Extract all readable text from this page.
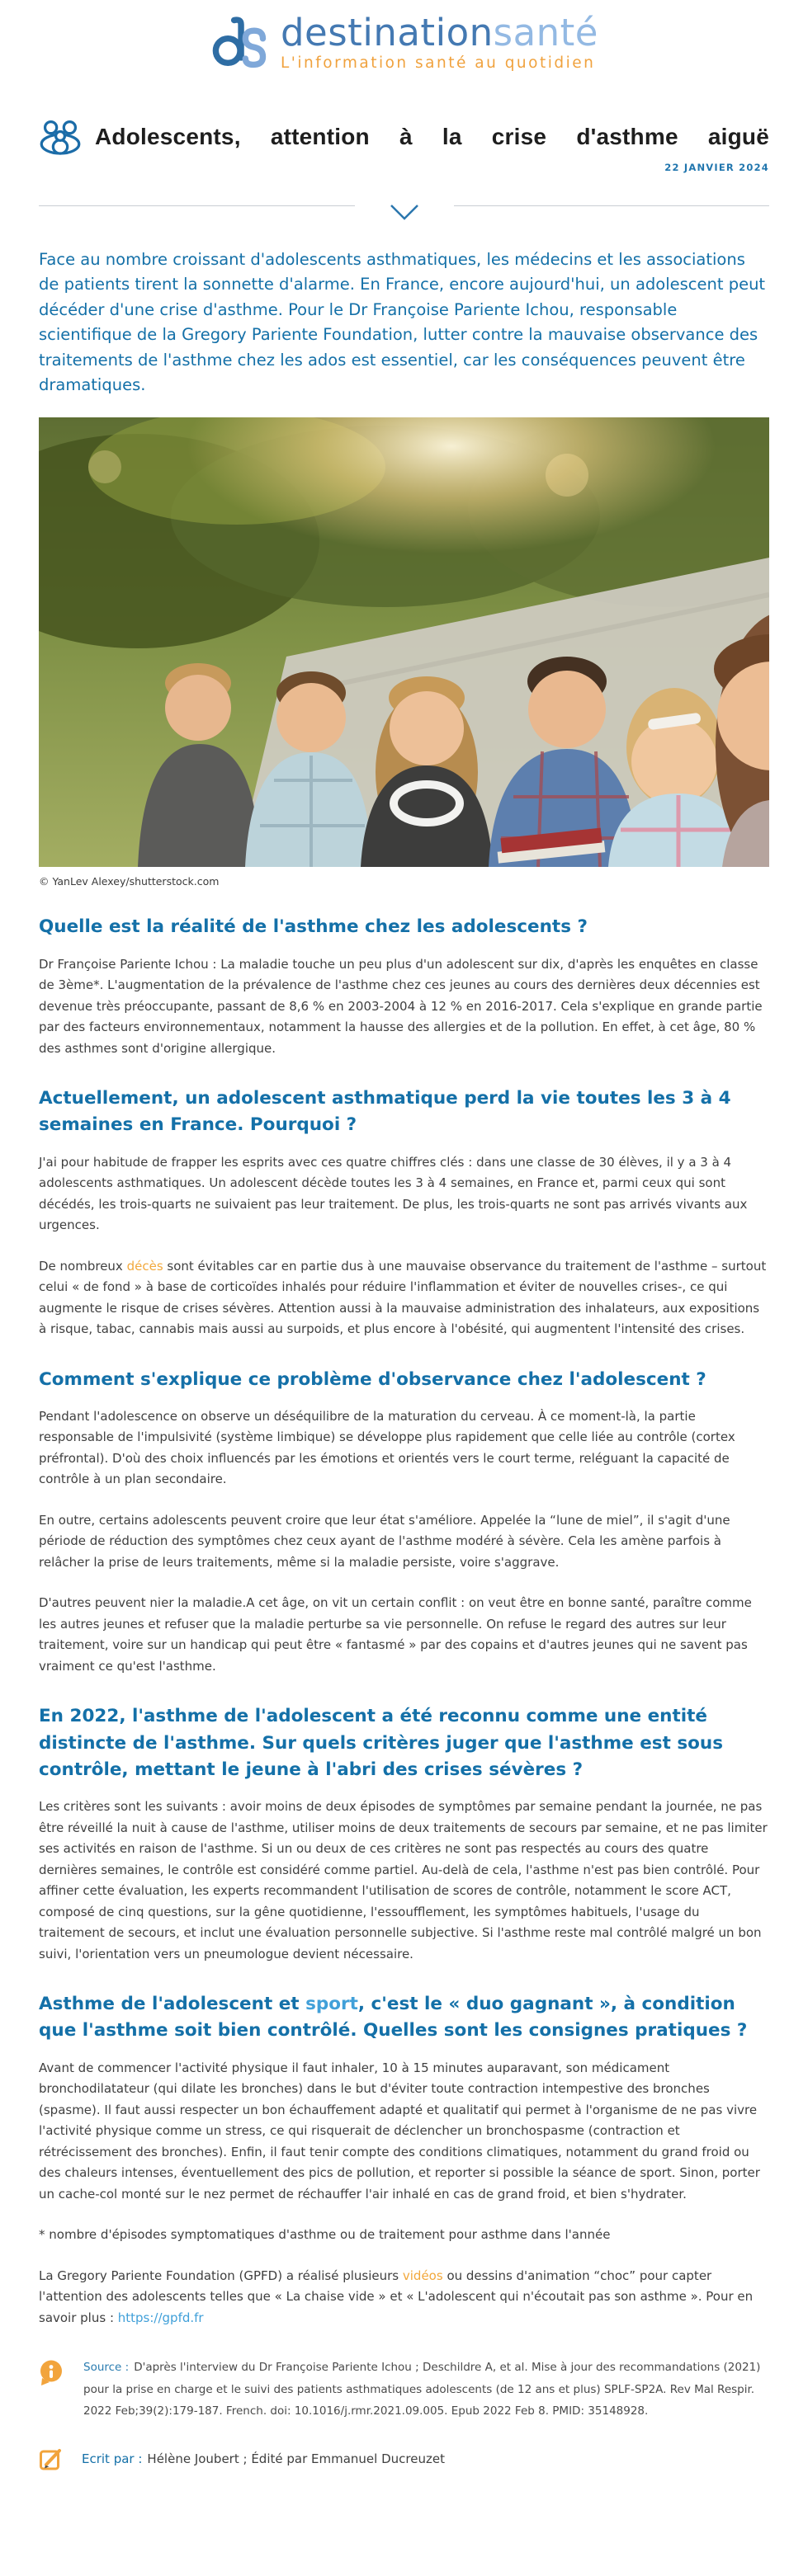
destinationsanté
L'information santé au quotidien
Adolescents, attention à la crise d'asthme aiguë
22 JANVIER 2024

Face au nombre croissant d'adolescents asthmatiques, les médecins et les associations de patients tirent la sonnette d'alarme. En France, encore aujourd'hui, un adolescent peut décéder d'une crise d'asthme. Pour le Dr Françoise Pariente Ichou, responsable scientifique de la Gregory Pariente Foundation, lutter contre la mauvaise observance des traitements de l'asthme chez les ados est essentiel, car les conséquences peuvent être dramatiques.

© YanLev Alexey/shutterstock.com

Quelle est la réalité de l'asthme chez les adolescents ?

Dr Françoise Pariente Ichou : La maladie touche un peu plus d'un adolescent sur dix, d'après les enquêtes en classe de 3ème*. L'augmentation de la prévalence de l'asthme chez ces jeunes au cours des dernières deux décennies est devenue très préoccupante, passant de 8,6 % en 2003-2004 à 12 % en 2016-2017. Cela s'explique en grande partie par des facteurs environnementaux, notamment la hausse des allergies et de la pollution. En effet, à cet âge, 80 % des asthmes sont d'origine allergique.

Actuellement, un adolescent asthmatique perd la vie toutes les 3 à 4 semaines en France. Pourquoi ?

J'ai pour habitude de frapper les esprits avec ces quatre chiffres clés : dans une classe de 30 élèves, il y a 3 à 4 adolescents asthmatiques. Un adolescent décède toutes les 3 à 4 semaines, en France et, parmi ceux qui sont décédés, les trois-quarts ne suivaient pas leur traitement. De plus, les trois-quarts ne sont pas arrivés vivants aux urgences.

De nombreux décès sont évitables car en partie dus à une mauvaise observance du traitement de l'asthme – surtout celui « de fond » à base de corticoïdes inhalés pour réduire l'inflammation et éviter de nouvelles crises-, ce qui augmente le risque de crises sévères. Attention aussi à la mauvaise administration des inhalateurs, aux expositions à risque, tabac, cannabis mais aussi au surpoids, et plus encore à l'obésité, qui augmentent l'intensité des crises.

Comment s'explique ce problème d'observance chez l'adolescent ?

Pendant l'adolescence on observe un déséquilibre de la maturation du cerveau. À ce moment-là, la partie responsable de l'impulsivité (système limbique) se développe plus rapidement que celle liée au contrôle (cortex préfrontal). D'où des choix influencés par les émotions et orientés vers le court terme, reléguant la capacité de contrôle à un plan secondaire.

En outre, certains adolescents peuvent croire que leur état s'améliore. Appelée la “lune de miel”, il s'agit d'une période de réduction des symptômes chez ceux ayant de l'asthme modéré à sévère. Cela les amène parfois à relâcher la prise de leurs traitements, même si la maladie persiste, voire s'aggrave.

D'autres peuvent nier la maladie.A cet âge, on vit un certain conflit : on veut être en bonne santé, paraître comme les autres jeunes et refuser que la maladie perturbe sa vie personnelle. On refuse le regard des autres sur leur traitement, voire sur un handicap qui peut être « fantasmé » par des copains et d'autres jeunes qui ne savent pas vraiment ce qu'est l'asthme.

En 2022, l'asthme de l'adolescent a été reconnu comme une entité distincte de l'asthme. Sur quels critères juger que l'asthme est sous contrôle, mettant le jeune à l'abri des crises sévères ?

Les critères sont les suivants : avoir moins de deux épisodes de symptômes par semaine pendant la journée, ne pas être réveillé la nuit à cause de l'asthme, utiliser moins de deux traitements de secours par semaine, et ne pas limiter ses activités en raison de l'asthme. Si un ou deux de ces critères ne sont pas respectés au cours des quatre dernières semaines, le contrôle est considéré comme partiel. Au-delà de cela, l'asthme n'est pas bien contrôlé. Pour affiner cette évaluation, les experts recommandent l'utilisation de scores de contrôle, notamment le score ACT, composé de cinq questions, sur la gêne quotidienne, l'essoufflement, les symptômes habituels, l'usage du traitement de secours, et inclut une évaluation personnelle subjective. Si l'asthme reste mal contrôlé malgré un bon suivi, l'orientation vers un pneumologue devient nécessaire.

Asthme de l'adolescent et sport, c'est le « duo gagnant », à condition que l'asthme soit bien contrôlé. Quelles sont les consignes pratiques ?

Avant de commencer l'activité physique il faut inhaler, 10 à 15 minutes auparavant, son médicament bronchodilatateur (qui dilate les bronches) dans le but d'éviter toute contraction intempestive des bronches (spasme). Il faut aussi respecter un bon échauffement adapté et qualitatif qui permet à l'organisme de ne pas vivre l'activité physique comme un stress, ce qui risquerait de déclencher un bronchospasme (contraction et rétrécissement des bronches). Enfin, il faut tenir compte des conditions climatiques, notamment du grand froid ou des chaleurs intenses, éventuellement des pics de pollution, et reporter si possible la séance de sport. Sinon, porter un cache-col monté sur le nez permet de réchauffer l'air inhalé en cas de grand froid, et bien s'hydrater.

* nombre d'épisodes symptomatiques d'asthme ou de traitement pour asthme dans l'année

La Gregory Pariente Foundation (GPFD) a réalisé plusieurs vidéos ou dessins d'animation “choc” pour capter l'attention des adolescents telles que « La chaise vide » et « L'adolescent qui n'écoutait pas son asthme ». Pour en savoir plus : https://gpfd.fr

Source : D'après l'interview du Dr Françoise Pariente Ichou ; Deschildre A, et al. Mise à jour des recommandations (2021) pour la prise en charge et le suivi des patients asthmatiques adolescents (de 12 ans et plus) SPLF-SP2A. Rev Mal Respir. 2022 Feb;39(2):179-187. French. doi: 10.1016/j.rmr.2021.09.005. Epub 2022 Feb 8. PMID: 35148928.

Ecrit par : Hélène Joubert ; Édité par Emmanuel Ducreuzet
